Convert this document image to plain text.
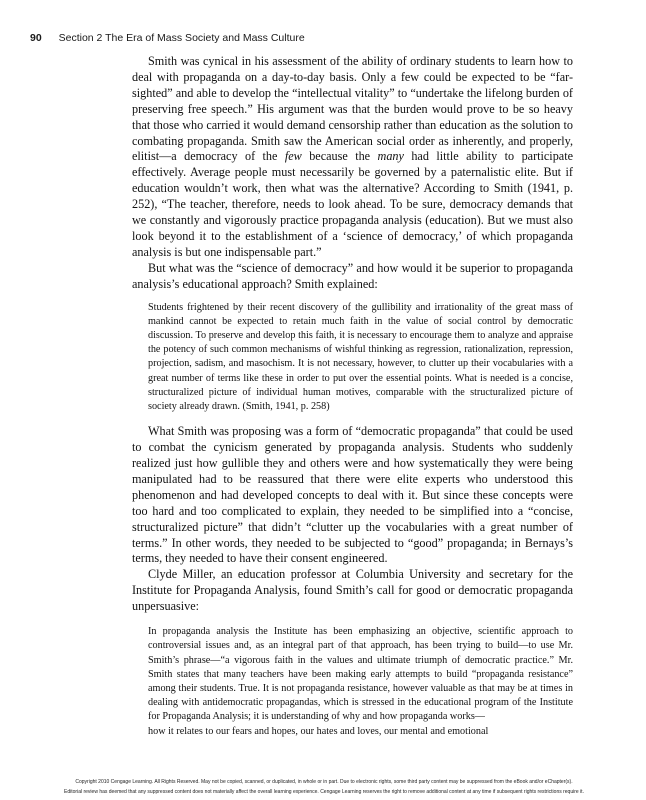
90 Section 2 The Era of Mass Society and Mass Culture

Smith was cynical in his assessment of the ability of ordinary students to learn how to deal with propaganda on a day-to-day basis. Only a few could be expected to be “far-sighted” and able to develop the “intellectual vitality” to “undertake the lifelong burden of preserving free speech.” His argument was that the burden would prove to be so heavy that those who carried it would demand censorship rather than education as the solution to combating propaganda. Smith saw the American social order as inherently, and properly, elitist—a democracy of the few because the many had little ability to participate effectively. Average people must necessarily be governed by a paternalistic elite. But if education wouldn’t work, then what was the alternative? According to Smith (1941, p. 252), “The teacher, therefore, needs to look ahead. To be sure, democracy demands that we constantly and vigorously practice propaganda analysis (education). But we must also look beyond it to the establishment of a ‘science of democracy,’ of which propaganda analysis is but one indispensable part.”

But what was the “science of democracy” and how would it be superior to propaganda analysis’s educational approach? Smith explained:

Students frightened by their recent discovery of the gullibility and irrationality of the great mass of mankind cannot be expected to retain much faith in the value of social control by democratic discussion. To preserve and develop this faith, it is necessary to encourage them to analyze and appraise the potency of such common mechanisms of wishful thinking as regression, rationalization, repression, projection, sadism, and masochism. It is not necessary, however, to clutter up their vocabularies with a great number of terms like these in order to put over the essential points. What is needed is a concise, structuralized picture of individual human motives, comparable with the structuralized picture of society already drawn. (Smith, 1941, p. 258)

What Smith was proposing was a form of “democratic propaganda” that could be used to combat the cynicism generated by propaganda analysis. Students who suddenly realized just how gullible they and others were and how systematically they were being manipulated had to be reassured that there were elite experts who understood this phenomenon and had developed concepts to deal with it. But since these concepts were too hard and too complicated to explain, they needed to be simplified into a “concise, structuralized picture” that didn’t “clutter up the vocabularies with a great number of terms.” In other words, they needed to be subjected to “good” propaganda; in Bernays’s terms, they needed to have their consent engineered.

Clyde Miller, an education professor at Columbia University and secretary for the Institute for Propaganda Analysis, found Smith’s call for good or democratic propaganda unpersuasive:

In propaganda analysis the Institute has been emphasizing an objective, scientific approach to controversial issues and, as an integral part of that approach, has been trying to build—to use Mr. Smith’s phrase—“a vigorous faith in the values and ultimate triumph of democratic practice.” Mr. Smith states that many teachers have been making early attempts to build “propaganda resistance” among their students. True. It is not propaganda resistance, however valuable as that may be at times in dealing with antidemocratic propagandas, which is stressed in the educational program of the Institute for Propaganda Analysis; it is understanding of why and how propaganda works—

how it relates to our fears and hopes, our hates and loves, our mental and emotional

Copyright 2010 Cengage Learning. All Rights Reserved. May not be copied, scanned, or duplicated, in whole or in part. Due to electronic rights, some third party content may be suppressed from the eBook and/or eChapter(s).
Editorial review has deemed that any suppressed content does not materially affect the overall learning experience. Cengage Learning reserves the right to remove additional content at any time if subsequent rights restrictions require it.
